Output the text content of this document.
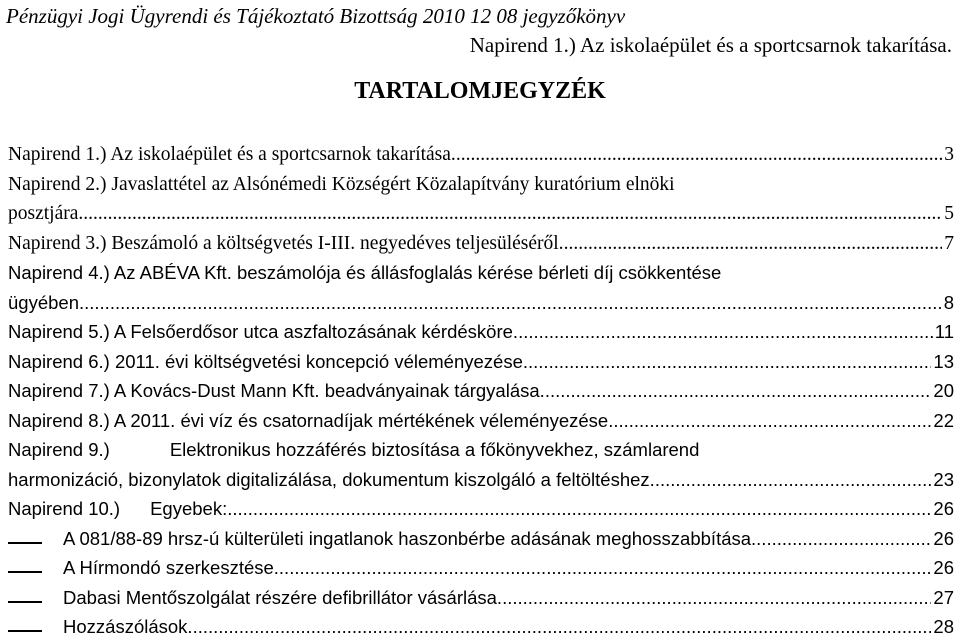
Pénzügyi Jogi Ügyrendi és Tájékoztató Bizottság 2010 12 08 jegyzőkönyv
Napirend 1.) Az iskolaépület és a sportcsarnok takarítása.
TARTALOMJEGYZÉK
Napirend 1.) Az iskolaépület és a sportcsarnok takarítása. .....	3
Napirend 2.) Javaslattétel az Alsónémedi Községért Közalapítvány kuratórium elnöki
posztjára. .....	5
Napirend 3.) Beszámoló a költségvetés I-III. negyedéves teljesüléséről. .....	7
Napirend 4.) Az ABÉVA Kft. beszámolója és állásfoglalás kérése bérleti díj csökkentése
ügyében. .....	8
Napirend 5.) A Felsőerdősor utca aszfaltozásának kérdésköre. .....	11
Napirend 6.) 2011. évi költségvetési koncepció véleményezése. .....	13
Napirend 7.) A Kovács-Dust Mann Kft. beadványainak tárgyalása. .....	20
Napirend 8.) A 2011. évi víz és csatornadíjak mértékének véleményezése .....	22
Napirend 9.)	Elektronikus hozzáférés biztosítása a főkönyvekhez, számlarend
harmonizáció, bizonylatok digitalizálása, dokumentum kiszolgáló a feltöltéshez. .....	23
Napirend 10.) Egyebek: .....	26
A 081/88-89 hrsz-ú külterületi ingatlanok haszonbérbe adásának meghosszabbítása. .....	26
A Hírmondó szerkesztése. .....	26
Dabasi Mentőszolgálat részére defibrillátor vásárlása. .....	27
Hozzászólások. .....	28
